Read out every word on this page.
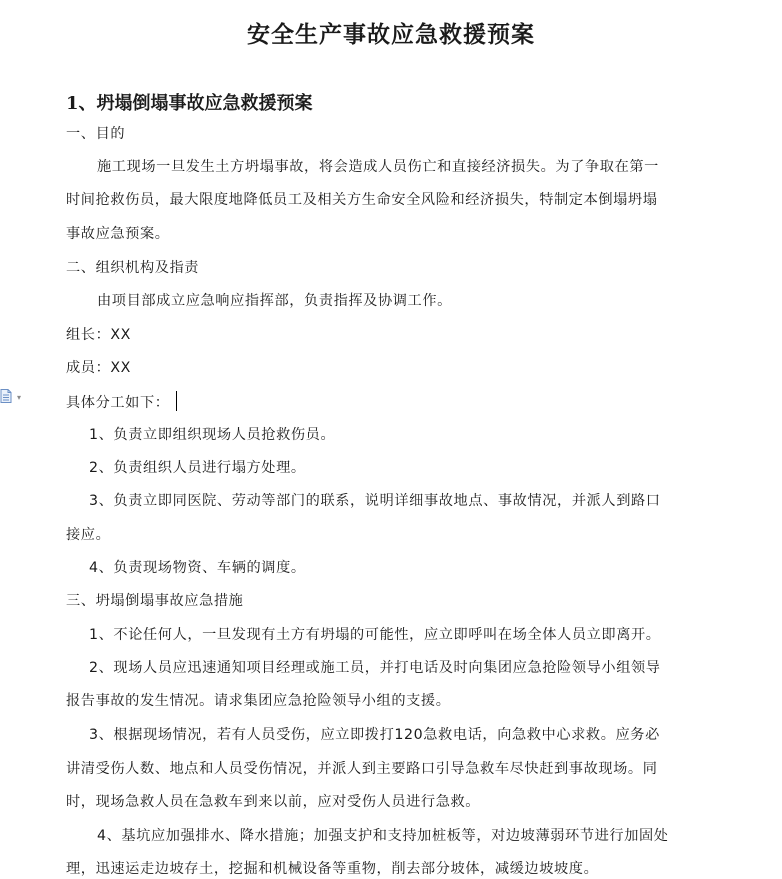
安全生产事故应急救援预案
1、坍塌倒塌事故应急救援预案
一、目的
施工现场一旦发生土方坍塌事故，将会造成人员伤亡和直接经济损失。为了争取在第一
时间抢救伤员，最大限度地降低员工及相关方生命安全风险和经济损失，特制定本倒塌坍塌
事故应急预案。
二、组织机构及指责
由项目部成立应急响应指挥部，负责指挥及协调工作。
组长：XX
成员：XX
具体分工如下：
1、负责立即组织现场人员抢救伤员。
2、负责组织人员进行塌方处理。
3、负责立即同医院、劳动等部门的联系，说明详细事故地点、事故情况，并派人到路口
接应。
4、负责现场物资、车辆的调度。
三、坍塌倒塌事故应急措施
1、不论任何人，一旦发现有土方有坍塌的可能性，应立即呼叫在场全体人员立即离开。
2、现场人员应迅速通知项目经理或施工员，并打电话及时向集团应急抢险领导小组领导
报告事故的发生情况。请求集团应急抢险领导小组的支援。
3、根据现场情况，若有人员受伤，应立即拨打120急救电话，向急救中心求救。应务必
讲清受伤人数、地点和人员受伤情况，并派人到主要路口引导急救车尽快赶到事故现场。同
时，现场急救人员在急救车到来以前，应对受伤人员进行急救。
4、基坑应加强排水、降水措施；加强支护和支持加桩板等，对边坡薄弱环节进行加固处
理，迅速运走边坡存土，挖掘和机械设备等重物，削去部分坡体，减缓边坡坡度。
▾
